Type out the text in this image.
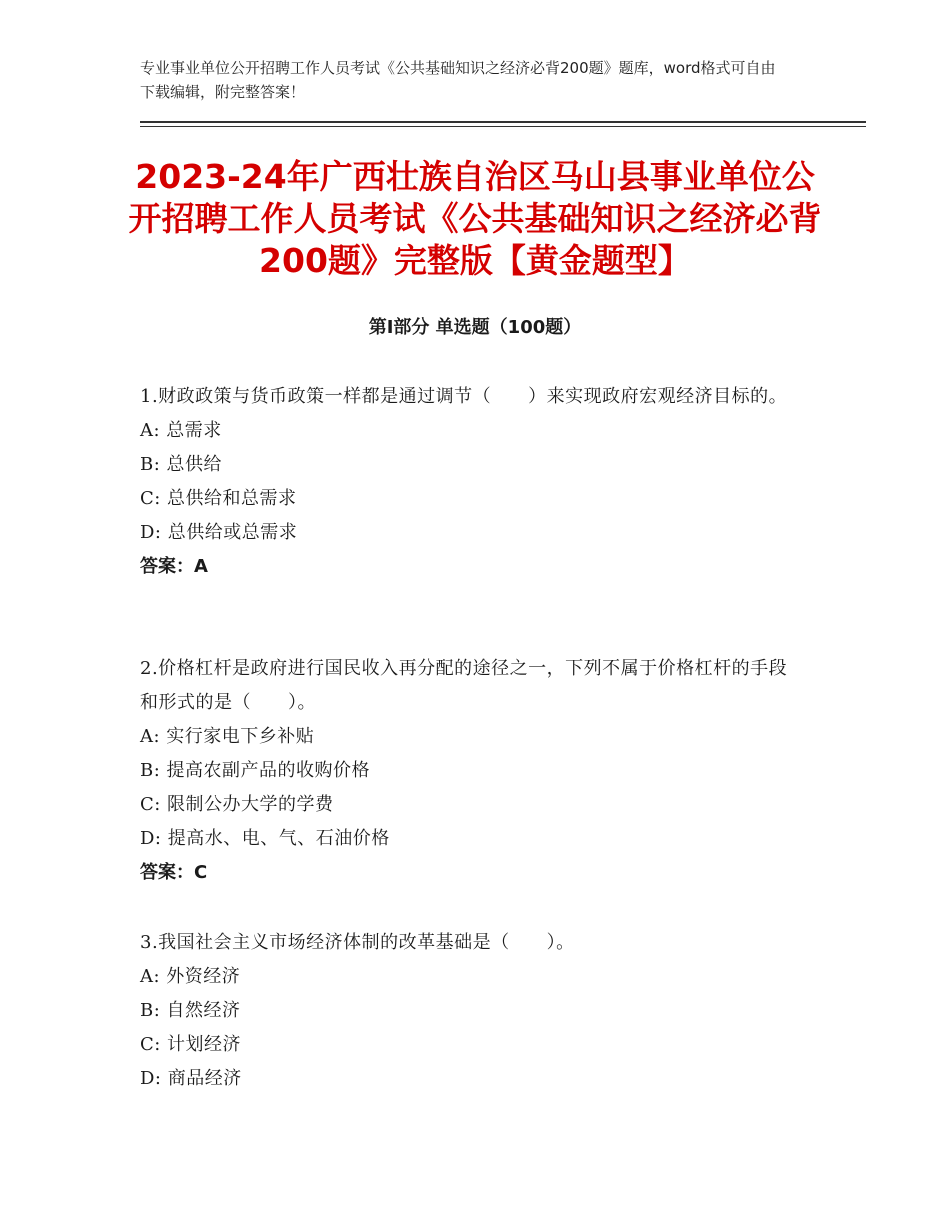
专业事业单位公开招聘工作人员考试《公共基础知识之经济必背200题》题库，word格式可自由下载编辑，附完整答案！
2023-24年广西壮族自治区马山县事业单位公开招聘工作人员考试《公共基础知识之经济必背200题》完整版【黄金题型】
第Ⅰ部分 单选题（100题）

1.财政政策与货币政策一样都是通过调节（　　）来实现政府宏观经济目标的。

A: 总需求

B: 总供给

C: 总供给和总需求

D: 总供给或总需求

答案：A

2.价格杠杆是政府进行国民收入再分配的途径之一，下列不属于价格杠杆的手段和形式的是（　　）。

A: 实行家电下乡补贴

B: 提高农副产品的收购价格

C: 限制公办大学的学费

D: 提高水、电、气、石油价格

答案：C

3.我国社会主义市场经济体制的改革基础是（　　）。

A: 外资经济

B: 自然经济

C: 计划经济

D: 商品经济
